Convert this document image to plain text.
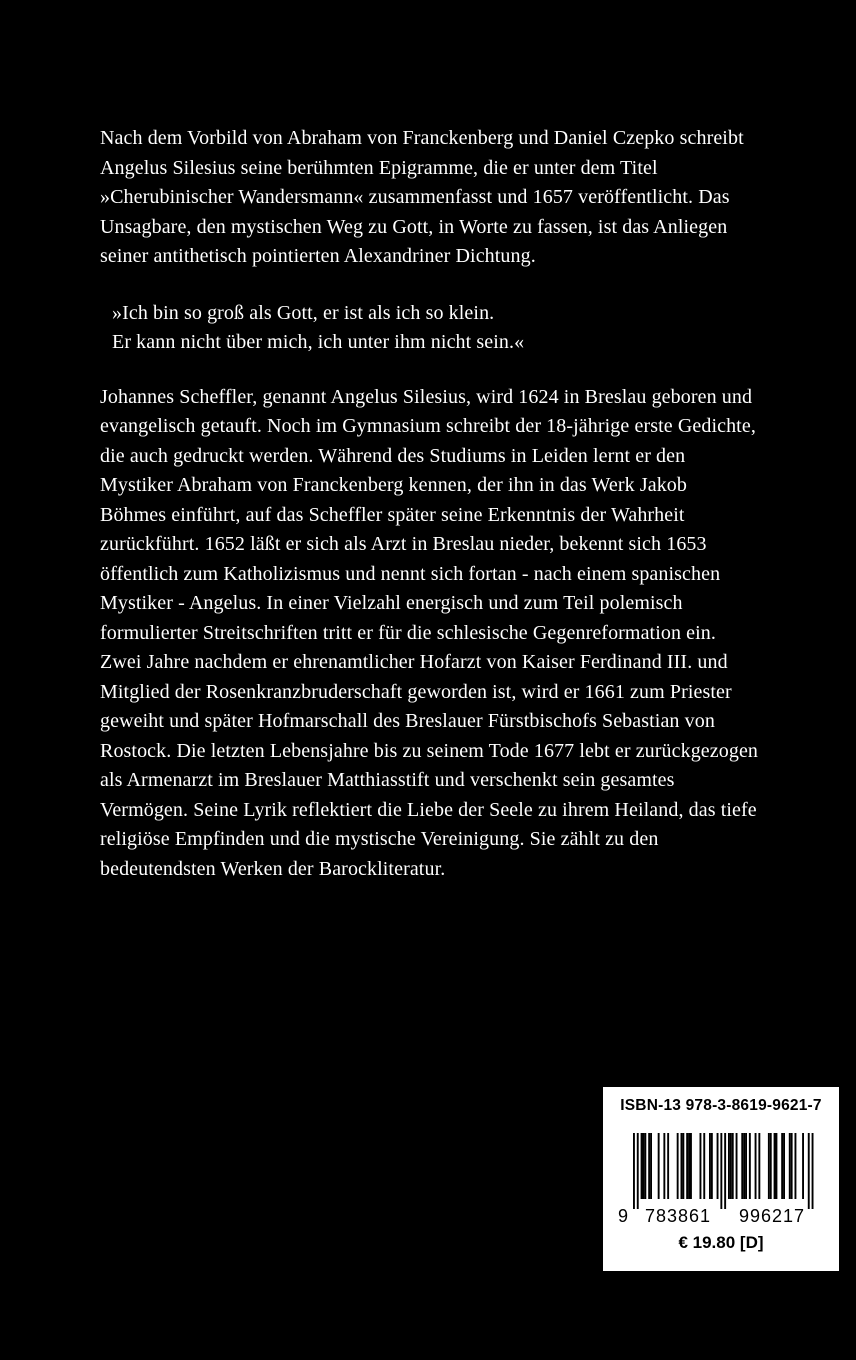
Nach dem Vorbild von Abraham von Franckenberg und Daniel Czepko schreibt
Angelus Silesius seine berühmten Epigramme, die er unter dem Titel
»Cherubinischer Wandersmann« zusammenfasst und 1657 veröffentlicht. Das
Unsagbare, den mystischen Weg zu Gott, in Worte zu fassen, ist das Anliegen
seiner antithetisch pointierten Alexandriner Dichtung.

»Ich bin so groß als Gott, er ist als ich so klein.
Er kann nicht über mich, ich unter ihm nicht sein.«

Johannes Scheffler, genannt Angelus Silesius, wird 1624 in Breslau geboren und
evangelisch getauft. Noch im Gymnasium schreibt der 18-jährige erste Gedichte,
die auch gedruckt werden. Während des Studiums in Leiden lernt er den
Mystiker Abraham von Franckenberg kennen, der ihn in das Werk Jakob
Böhmes einführt, auf das Scheffler später seine Erkenntnis der Wahrheit
zurückführt. 1652 läßt er sich als Arzt in Breslau nieder, bekennt sich 1653
öffentlich zum Katholizismus und nennt sich fortan - nach einem spanischen
Mystiker - Angelus. In einer Vielzahl energisch und zum Teil polemisch
formulierter Streitschriften tritt er für die schlesische Gegenreformation ein.
Zwei Jahre nachdem er ehrenamtlicher Hofarzt von Kaiser Ferdinand III. und
Mitglied der Rosenkranzbruderschaft geworden ist, wird er 1661 zum Priester
geweiht und später Hofmarschall des Breslauer Fürstbischofs Sebastian von
Rostock. Die letzten Lebensjahre bis zu seinem Tode 1677 lebt er zurückgezogen
als Armenarzt im Breslauer Matthiasstift und verschenkt sein gesamtes
Vermögen. Seine Lyrik reflektiert die Liebe der Seele zu ihrem Heiland, das tiefe
religiöse Empfinden und die mystische Vereinigung. Sie zählt zu den
bedeutendsten Werken der Barockliteratur.

ISBN-13 978-3-8619-9621-7
9 783861 996217
€ 19.80 [D]
